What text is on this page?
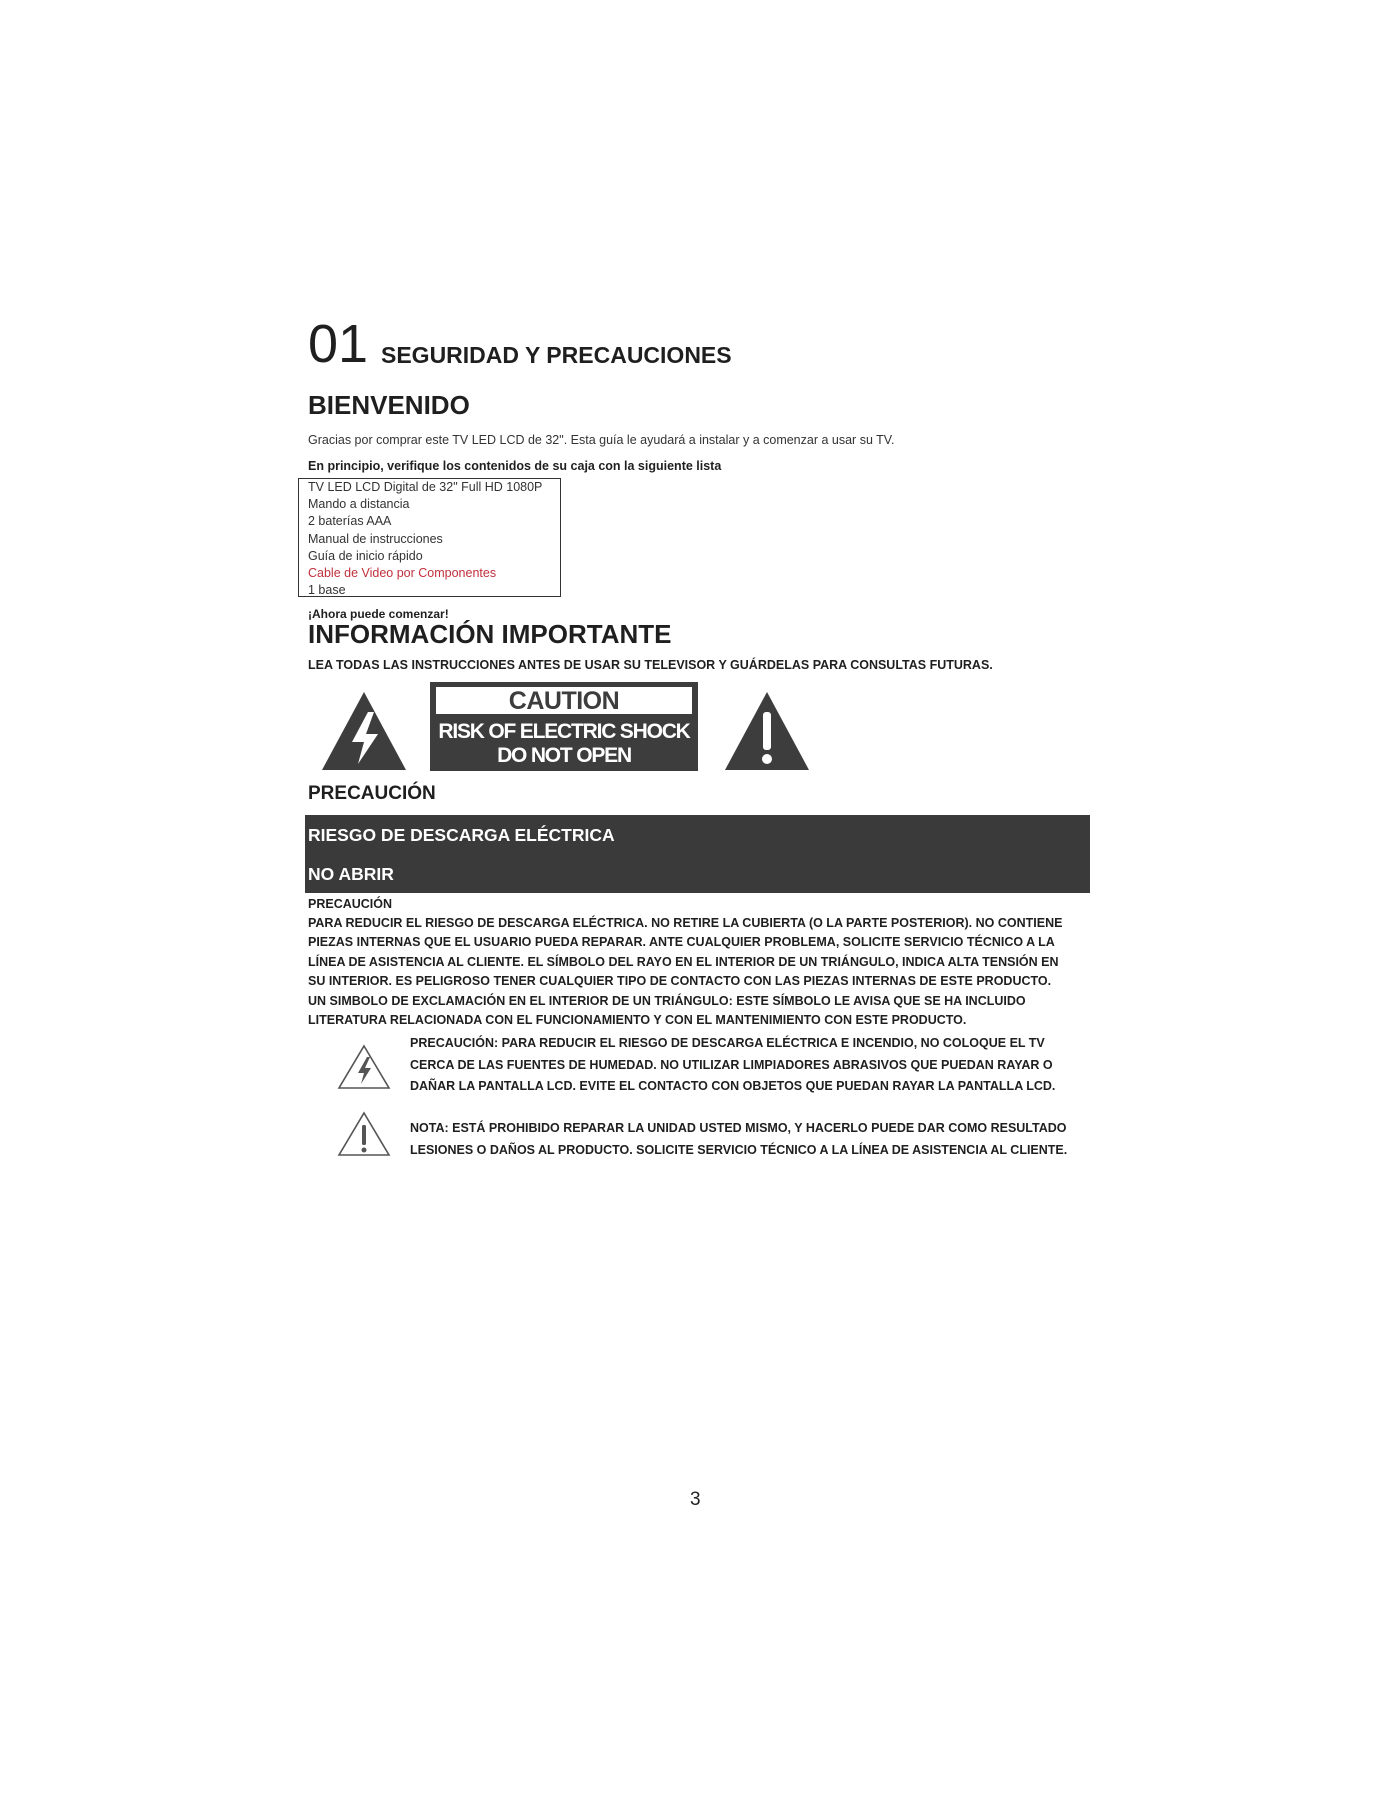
01 SEGURIDAD Y PRECAUCIONES
BIENVENIDO
Gracias por comprar este TV LED LCD de 32". Esta guía le ayudará a instalar y a comenzar a usar su TV.
En principio, verifique los contenidos de su caja con la siguiente lista
TV LED LCD Digital de 32" Full HD 1080P
Mando a distancia
2 baterías AAA
Manual de instrucciones
Guía de inicio rápido
Cable de Video por Componentes
1 base
¡Ahora puede comenzar!
INFORMACIÓN IMPORTANTE
LEA TODAS LAS INSTRUCCIONES ANTES DE USAR SU TELEVISOR Y GUÁRDELAS PARA CONSULTAS FUTURAS.
CAUTION
RISK OF ELECTRIC SHOCK
DO NOT OPEN
PRECAUCIÓN
RIESGO DE DESCARGA ELÉCTRICA
NO ABRIR
PRECAUCIÓN

PARA REDUCIR EL RIESGO DE DESCARGA ELÉCTRICA. NO RETIRE LA CUBIERTA (O LA PARTE POSTERIOR). NO CONTIENE
PIEZAS INTERNAS QUE EL USUARIO PUEDA REPARAR. ANTE CUALQUIER PROBLEMA, SOLICITE SERVICIO TÉCNICO A LA
LÍNEA DE ASISTENCIA AL CLIENTE. EL SÍMBOLO DEL RAYO EN EL INTERIOR DE UN TRIÁNGULO, INDICA ALTA TENSIÓN EN
SU INTERIOR. ES PELIGROSO TENER CUALQUIER TIPO DE CONTACTO CON LAS PIEZAS INTERNAS DE ESTE PRODUCTO.
UN SIMBOLO DE EXCLAMACIÓN EN EL INTERIOR DE UN TRIÁNGULO: ESTE SÍMBOLO LE AVISA QUE SE HA INCLUIDO
LITERATURA RELACIONADA CON EL FUNCIONAMIENTO Y CON EL MANTENIMIENTO CON ESTE PRODUCTO.

PRECAUCIÓN: PARA REDUCIR EL RIESGO DE DESCARGA ELÉCTRICA E INCENDIO, NO COLOQUE EL TV
CERCA DE LAS FUENTES DE HUMEDAD. NO UTILIZAR LIMPIADORES ABRASIVOS QUE PUEDAN RAYAR O
DAÑAR LA PANTALLA LCD. EVITE EL CONTACTO CON OBJETOS QUE PUEDAN RAYAR LA PANTALLA LCD.

NOTA: ESTÁ PROHIBIDO REPARAR LA UNIDAD USTED MISMO, Y HACERLO PUEDE DAR COMO RESULTADO
LESIONES O DAÑOS AL PRODUCTO. SOLICITE SERVICIO TÉCNICO A LA LÍNEA DE ASISTENCIA AL CLIENTE.

3
